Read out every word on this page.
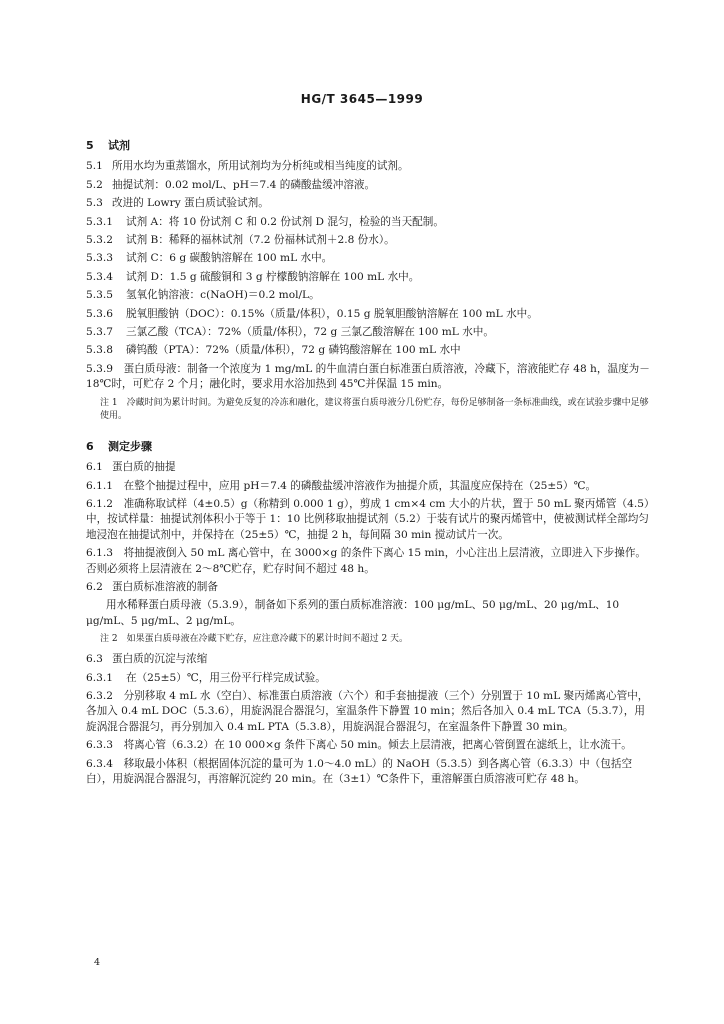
HG/T 3645—1999
5 试剂
5.1 所用水均为重蒸馏水，所用试剂均为分析纯或相当纯度的试剂。
5.2 抽提试剂：0.02 mol/L、pH＝7.4 的磷酸盐缓冲溶液。
5.3 改进的 Lowry 蛋白质试验试剂。
5.3.1	试剂 A：将 10 份试剂 C 和 0.2 份试剂 D 混匀，检验的当天配制。
5.3.2	试剂 B：稀释的福林试剂（7.2 份福林试剂＋2.8 份水）。
5.3.3	试剂 C：6 g 碳酸钠溶解在 100 mL 水中。
5.3.4	试剂 D：1.5 g 硫酸铜和 3 g 柠檬酸钠溶解在 100 mL 水中。
5.3.5	氢氧化钠溶液：c(NaOH)＝0.2 mol/L。
5.3.6	脱氧胆酸钠（DOC）：0.15%（质量/体积），0.15 g 脱氧胆酸钠溶解在 100 mL 水中。
5.3.7	三氯乙酸（TCA）：72%（质量/体积），72 g 三氯乙酸溶解在 100 mL 水中。
5.3.8	磷钨酸（PTA）：72%（质量/体积），72 g 磷钨酸溶解在 100 mL 水中
5.3.9　蛋白质母液：制备一个浓度为 1 mg/mL 的牛血清白蛋白标准蛋白质溶液，冷藏下，溶液能贮存 48 h，温度为－18℃时，可贮存 2 个月；融化时，要求用水浴加热到 45℃并保温 15 min。
注 1　冷藏时间为累计时间。为避免反复的冷冻和融化，建议将蛋白质母液分几份贮存，每份足够制备一条标准曲线，或在试验步骤中足够使用。
6 测定步骤
6.1 蛋白质的抽提
6.1.1　在整个抽提过程中，应用 pH＝7.4 的磷酸盐缓冲溶液作为抽提介质，其温度应保持在（25±5）℃。
6.1.2　准确称取试样（4±0.5）g（称精到 0.000 1 g），剪成 1 cm×4 cm 大小的片状，置于 50 mL 聚丙烯管（4.5）中，按试样量：抽提试剂体积小于等于 1：10 比例移取抽提试剂（5.2）于装有试片的聚丙烯管中，使被测试样全部均匀地浸泡在抽提试剂中，并保持在（25±5）℃，抽提 2 h，每间隔 30 min 搅动试片一次。
6.1.3　将抽提液倒入 50 mL 离心管中，在 3000×g 的条件下离心 15 min，小心注出上层清液，立即进入下步操作。否则必须将上层清液在 2～8℃贮存，贮存时间不超过 48 h。
6.2 蛋白质标准溶液的制备
用水稀释蛋白质母液（5.3.9），制备如下系列的蛋白质标准溶液：100 μg/mL、50 μg/mL、20 μg/mL、10 μg/mL、5 μg/mL、2 μg/mL。
注 2　如果蛋白质母液在冷藏下贮存，应注意冷藏下的累计时间不超过 2 天。
6.3 蛋白质的沉淀与浓缩
6.3.1	在（25±5）℃，用三份平行样完成试验。
6.3.2　分别移取 4 mL 水（空白）、标准蛋白质溶液（六个）和手套抽提液（三个）分别置于 10 mL 聚丙烯离心管中，各加入 0.4 mL DOC（5.3.6），用旋涡混合器混匀，室温条件下静置 10 min；然后各加入 0.4 mL TCA（5.3.7），用旋涡混合器混匀，再分别加入 0.4 mL PTA（5.3.8），用旋涡混合器混匀，在室温条件下静置 30 min。
6.3.3　将离心管（6.3.2）在 10 000×g 条件下离心 50 min。倾去上层清液，把离心管倒置在滤纸上，让水流干。
6.3.4　移取最小体积（根据固体沉淀的量可为 1.0～4.0 mL）的 NaOH（5.3.5）到各离心管（6.3.3）中（包括空白），用旋涡混合器混匀，再溶解沉淀约 20 min。在（3±1）℃条件下，重溶解蛋白质溶液可贮存 48 h。
4
